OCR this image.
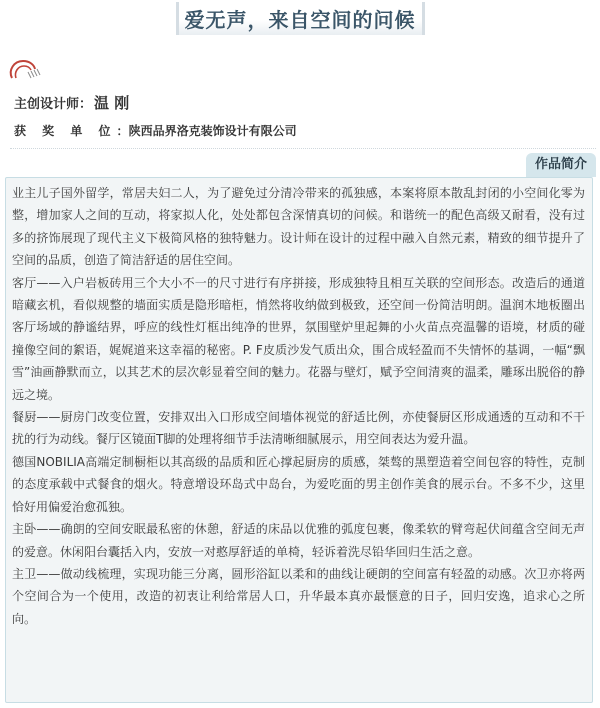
爱无声，来自空间的问候
主创设计师： 温 刚
获 奖 单 位：陕西品界洛克装饰设计有限公司
作品简介

业主儿子国外留学，常居夫妇二人，为了避免过分清冷带来的孤独感，本案将原本散乱封闭的小空间化零为整，增加家人之间的互动，将家拟人化，处处都包含深情真切的问候。和谐统一的配色高级又耐看，没有过多的挤饰展现了现代主义下极简风格的独特魅力。设计师在设计的过程中融入自然元素，精致的细节提升了空间的品质，创造了简洁舒适的居住空间。

客厅——入户岩板砖用三个大小不一的尺寸进行有序拼接，形成独特且相互关联的空间形态。改造后的通道暗藏玄机，看似规整的墙面实质是隐形暗柜，悄然将收纳做到极致，还空间一份简洁明朗。温润木地板圈出客厅场域的静谧结界，呼应的线性灯框出纯净的世界，氛围壁炉里起舞的小火苗点亮温馨的语境，材质的碰撞像空间的絮语，娓娓道来这幸福的秘密。P. F皮质沙发气质出众，围合成轻盈而不失情怀的基调，一幅“飘雪”油画静默而立，以其艺术的层次彰显着空间的魅力。花器与壁灯，赋予空间清爽的温柔，雕琢出脱俗的静远之境。

餐厨——厨房门改变位置，安排双出入口形成空间墙体视觉的舒适比例，亦使餐厨区形成通透的互动和不干扰的行为动线。餐厅区镜面T脚的处理将细节手法清晰细腻展示，用空间表达为爱升温。

德国NOBILIA高端定制橱柜以其高级的品质和匠心撑起厨房的质感，桀骜的黑塑造着空间包容的特性，克制的态度承载中式餐食的烟火。特意增设环岛式中岛台，为爱吃面的男主创作美食的展示台。不多不少，这里恰好用偏爱治愈孤独。

主卧——确朗的空间安眠最私密的休憩，舒适的床品以优雅的弧度包裹，像柔软的臂弯起伏间蕴含空间无声的爱意。休闲阳台囊括入内，安放一对憨厚舒适的单椅，轻诉着洗尽铅华回归生活之意。

主卫——做动线梳理，实现功能三分离，圆形浴缸以柔和的曲线让硬朗的空间富有轻盈的动感。次卫亦将两个空间合为一个使用，改造的初衷让利给常居人口，升华最本真亦最惬意的日子，回归安逸，追求心之所向。
